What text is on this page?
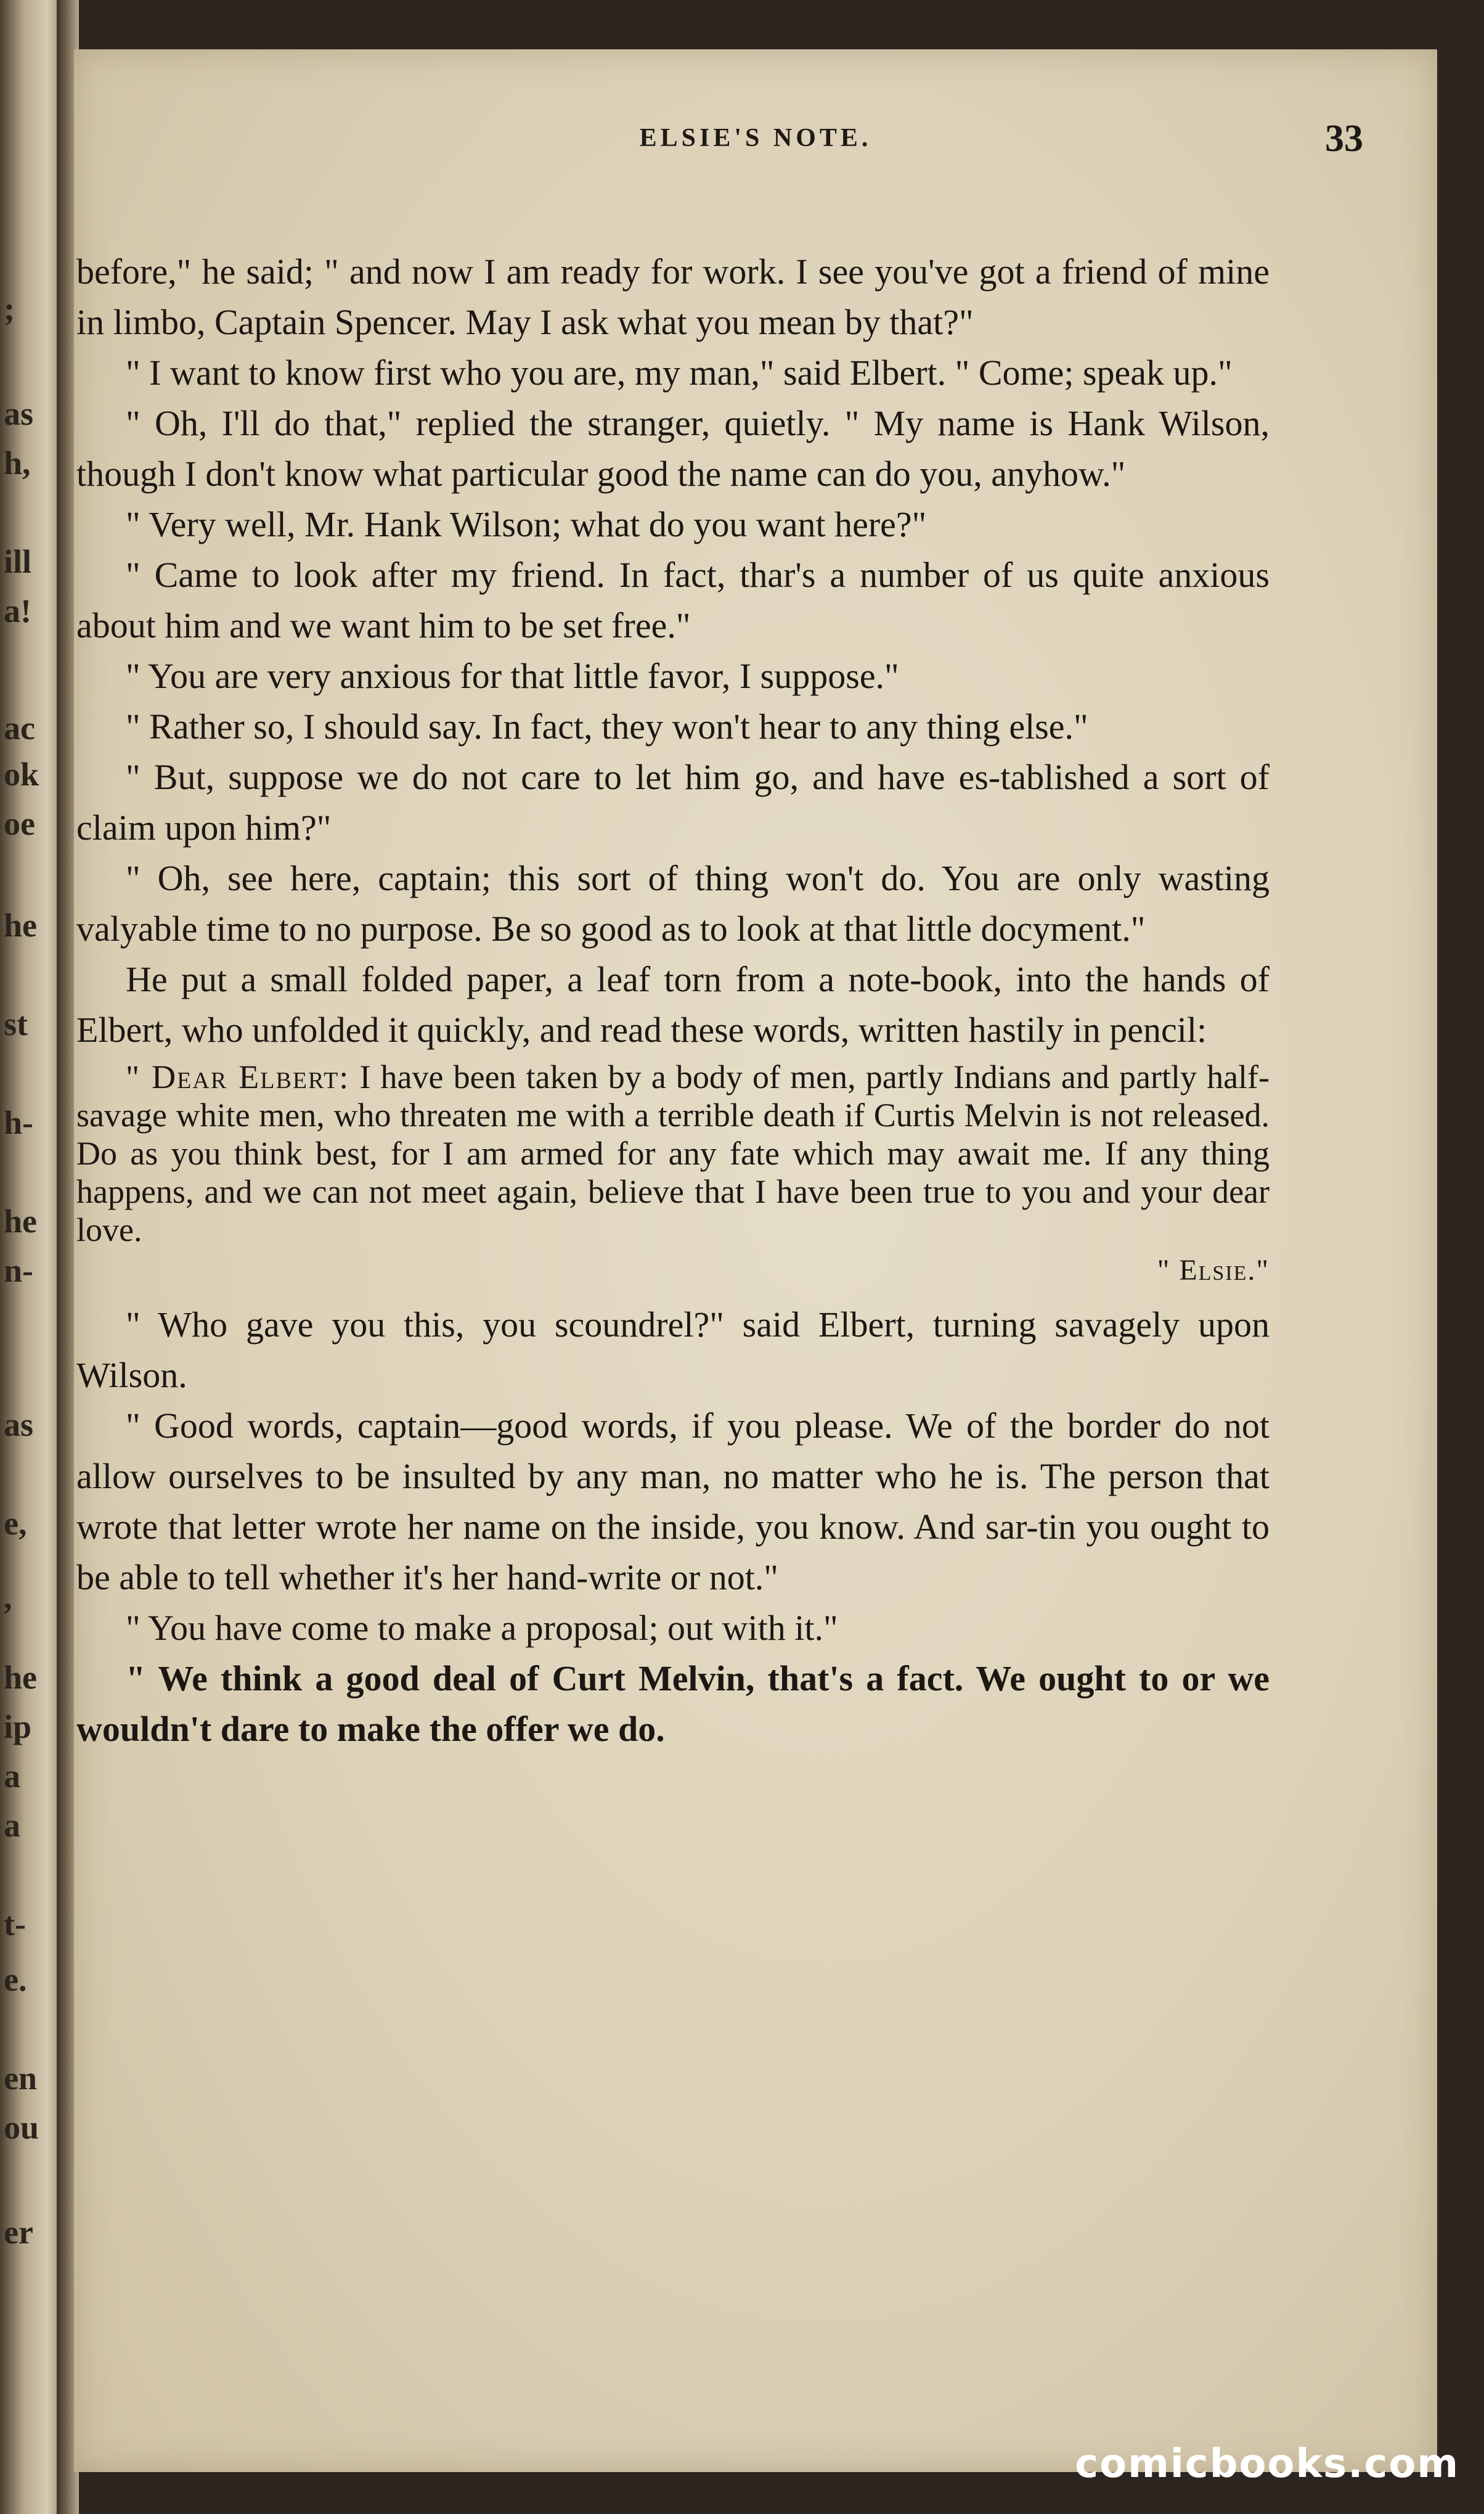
;
as
h,
ill
a!
ac
ok
oe
he
st
h-
he
n-
as
e,
,
he
ip
a
a
t-
e.
en
ou
er
ELSIE'S NOTE.	33

before," he said; " and now I am ready for work. I see you've got a friend of mine in limbo, Captain Spencer. May I ask what you mean by that?"

" I want to know first who you are, my man," said Elbert. " Come; speak up."

" Oh, I'll do that," replied the stranger, quietly. " My name is Hank Wilson, though I don't know what particular good the name can do you, anyhow."

" Very well, Mr. Hank Wilson; what do you want here?"

" Came to look after my friend. In fact, thar's a number of us quite anxious about him and we want him to be set free."

" You are very anxious for that little favor, I suppose."

" Rather so, I should say. In fact, they won't hear to any thing else."

" But, suppose we do not care to let him go, and have es-tablished a sort of claim upon him?"

" Oh, see here, captain; this sort of thing won't do. You are only wasting valyable time to no purpose. Be so good as to look at that little docyment."

He put a small folded paper, a leaf torn from a note-book, into the hands of Elbert, who unfolded it quickly, and read these words, written hastily in pencil:

" Dear Elbert: I have been taken by a body of men, partly Indians and partly half-savage white men, who threaten me with a terrible death if Curtis Melvin is not released. Do as you think best, for I am armed for any fate which may await me. If any thing happens, and we can not meet again, believe that I have been true to you and your dear love.

" Elsie."

" Who gave you this, you scoundrel?" said Elbert, turning savagely upon Wilson.

" Good words, captain—good words, if you please. We of the border do not allow ourselves to be insulted by any man, no matter who he is. The person that wrote that letter wrote her name on the inside, you know. And sar-tin you ought to be able to tell whether it's her hand-write or not."

" You have come to make a proposal; out with it."

" We think a good deal of Curt Melvin, that's a fact. We ought to or we wouldn't dare to make the offer we do.

comicbooks.com
